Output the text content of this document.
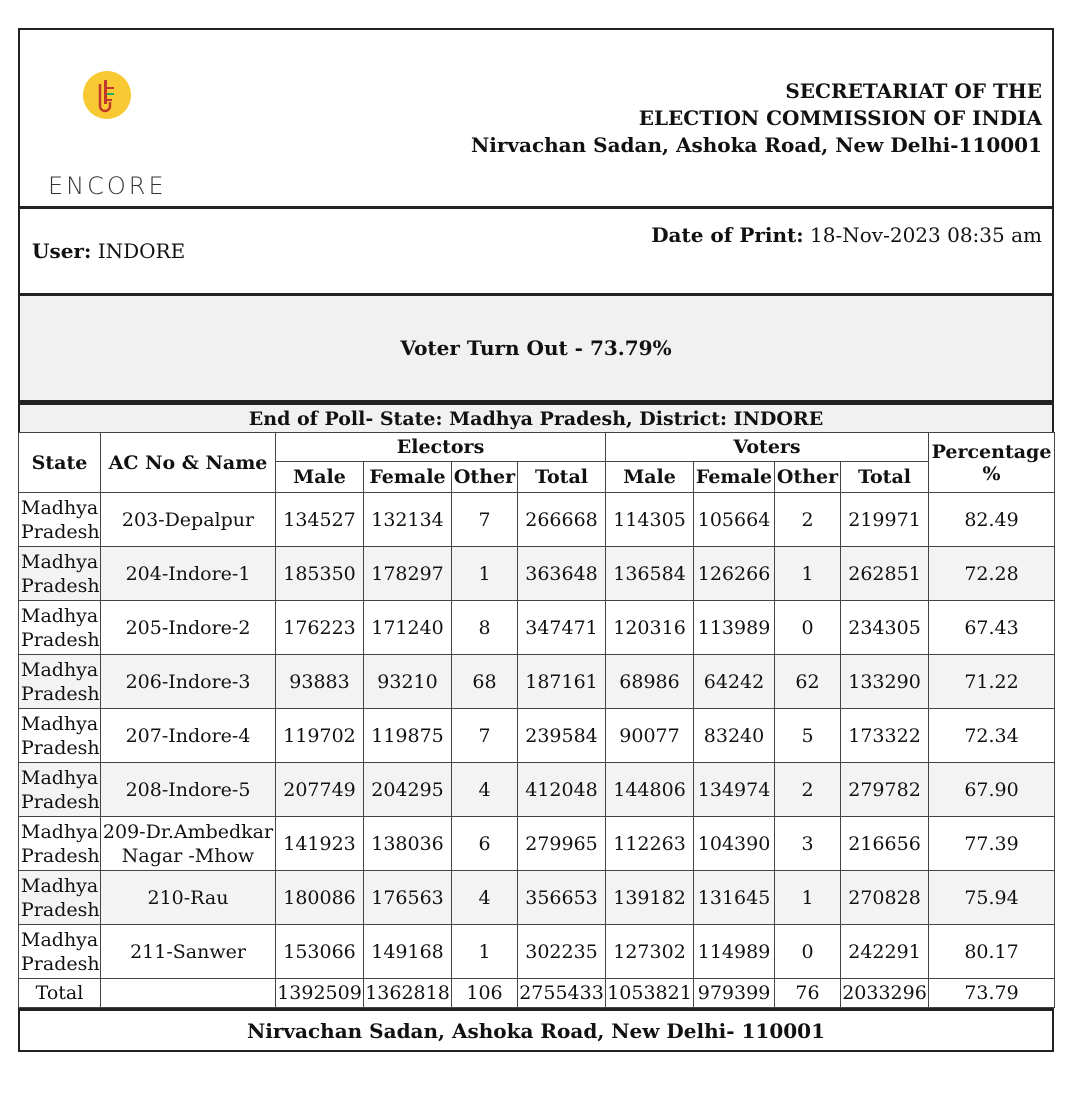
ENCORE
SECRETARIAT OF THE
ELECTION COMMISSION OF INDIA
Nirvachan Sadan, Ashoka Road, New Delhi-110001
User: INDORE
Date of Print: 18-Nov-2023 08:35 am
Voter Turn Out - 73.79%
End of Poll- State: Madhya Pradesh, District: INDORE
State	AC No & Name	Electors				Voters				Percentage %
		Male	Female	Other	Total	Male	Female	Other	Total	
Madhya Pradesh	203-Depalpur	134527	132134	7	266668	114305	105664	2	219971	82.49
Madhya Pradesh	204-Indore-1	185350	178297	1	363648	136584	126266	1	262851	72.28
Madhya Pradesh	205-Indore-2	176223	171240	8	347471	120316	113989	0	234305	67.43
Madhya Pradesh	206-Indore-3	93883	93210	68	187161	68986	64242	62	133290	71.22
Madhya Pradesh	207-Indore-4	119702	119875	7	239584	90077	83240	5	173322	72.34
Madhya Pradesh	208-Indore-5	207749	204295	4	412048	144806	134974	2	279782	67.90
Madhya Pradesh	209-Dr.Ambedkar Nagar -Mhow	141923	138036	6	279965	112263	104390	3	216656	77.39
Madhya Pradesh	210-Rau	180086	176563	4	356653	139182	131645	1	270828	75.94
Madhya Pradesh	211-Sanwer	153066	149168	1	302235	127302	114989	0	242291	80.17
Total		1392509	1362818	106	2755433	1053821	979399	76	2033296	73.79
Nirvachan Sadan, Ashoka Road, New Delhi- 110001
